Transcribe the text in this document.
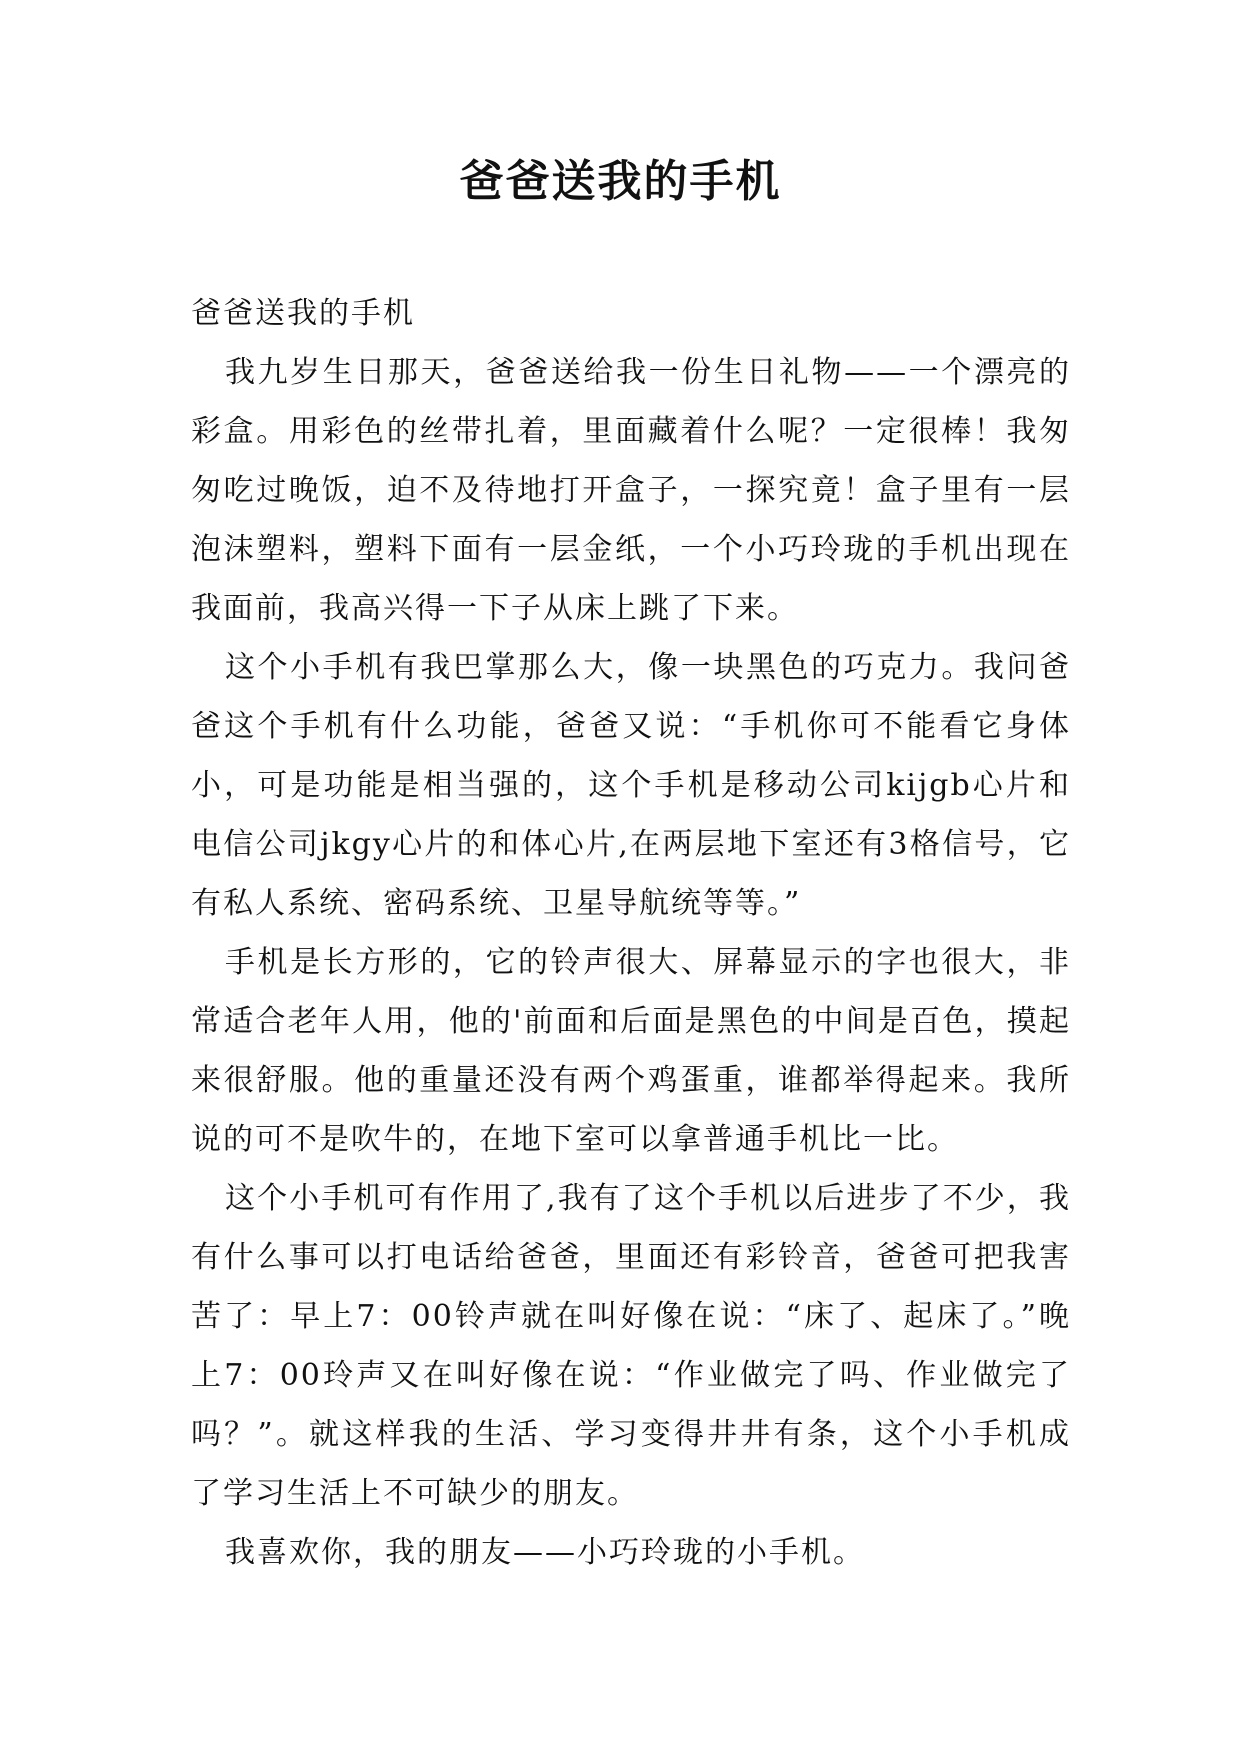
爸爸送我的手机

爸爸送我的手机

我九岁生日那天，爸爸送给我一份生日礼物——一个漂亮的彩盒。用彩色的丝带扎着，里面藏着什么呢？一定很棒！我匆匆吃过晚饭，迫不及待地打开盒子，一探究竟！盒子里有一层泡沫塑料，塑料下面有一层金纸，一个小巧玲珑的手机出现在我面前，我高兴得一下子从床上跳了下来。

这个小手机有我巴掌那么大，像一块黑色的巧克力。我问爸爸这个手机有什么功能，爸爸又说：“手机你可不能看它身体小，可是功能是相当强的，这个手机是移动公司kijgb心片和电信公司jkgy心片的和体心片,在两层地下室还有3格信号，它有私人系统、密码系统、卫星导航统等等。”

手机是长方形的，它的铃声很大、屏幕显示的字也很大，非常适合老年人用，他的'前面和后面是黑色的中间是百色，摸起来很舒服。他的重量还没有两个鸡蛋重，谁都举得起来。我所说的可不是吹牛的，在地下室可以拿普通手机比一比。

这个小手机可有作用了,我有了这个手机以后进步了不少，我有什么事可以打电话给爸爸，里面还有彩铃音，爸爸可把我害苦了：早上7：00铃声就在叫好像在说：“床了、起床了。”晚上7：00玲声又在叫好像在说：“作业做完了吗、作业做完了吗？”。就这样我的生活、学习变得井井有条，这个小手机成了学习生活上不可缺少的朋友。

我喜欢你，我的朋友——小巧玲珑的小手机。
